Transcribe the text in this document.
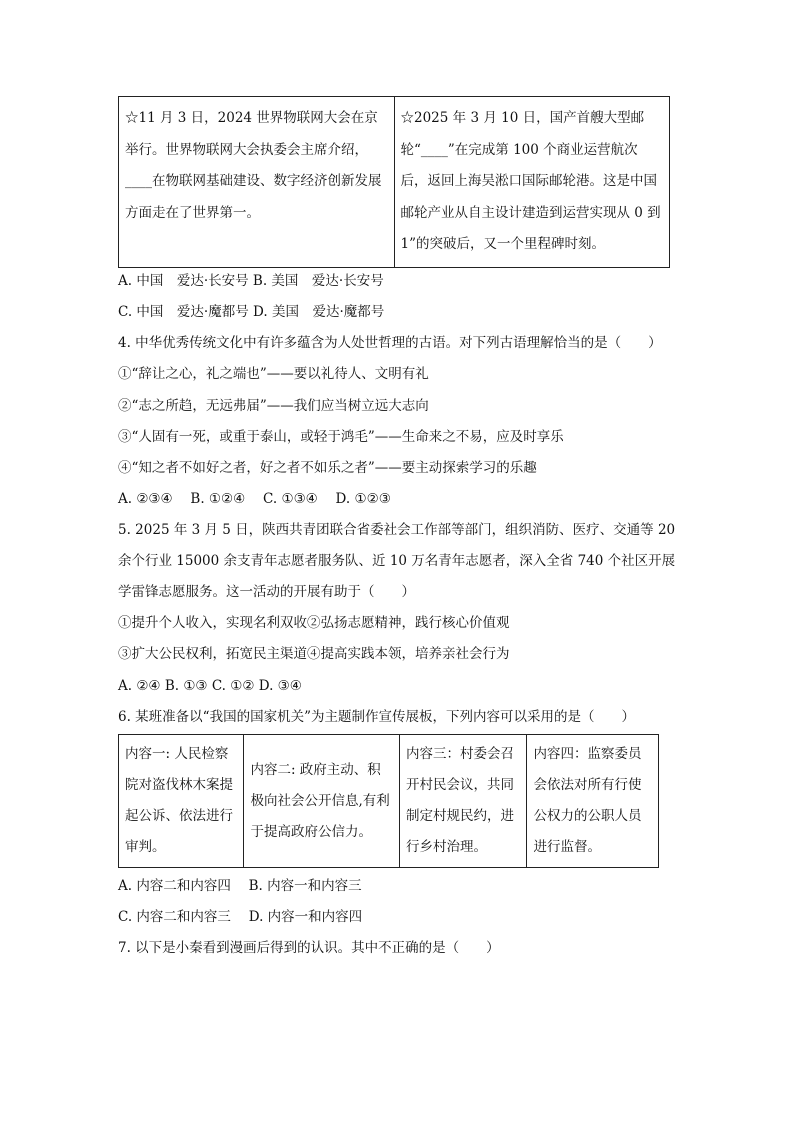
☆11 月 3 日，2024 世界物联网大会在京举行。世界物联网大会执委会主席介绍，____在物联网基础建设、数字经济创新发展方面走在了世界第一。	☆2025 年 3 月 10 日，国产首艘大型邮轮“____”在完成第 100 个商业运营航次后，返回上海吴淞口国际邮轮港。这是中国邮轮产业从自主设计建造到运营实现从 0 到 1”的突破后，又一个里程碑时刻。
A. 中国　爱达·长安号 B. 美国　爱达·长安号
C. 中国　爱达·魔都号 D. 美国　爱达·魔都号
4. 中华优秀传统文化中有许多蕴含为人处世哲理的古语。对下列古语理解恰当的是（　　）
①“辞让之心，礼之端也”——要以礼待人、文明有礼
②“志之所趋，无远弗届”——我们应当树立远大志向
③“人固有一死，或重于泰山，或轻于鸿毛”——生命来之不易，应及时享乐
④“知之者不如好之者，好之者不如乐之者”——要主动探索学习的乐趣
A. ②③④　 B. ①②④　 C. ①③④　 D. ①②③
5. 2025 年 3 月 5 日，陕西共青团联合省委社会工作部等部门，组织消防、医疗、交通等 20
余个行业 15000 余支青年志愿者服务队、近 10 万名青年志愿者，深入全省 740 个社区开展
学雷锋志愿服务。这一活动的开展有助于（　　）
①提升个人收入，实现名利双收②弘扬志愿精神，践行核心价值观
③扩大公民权利，拓宽民主渠道④提高实践本领，培养亲社会行为
A. ②④ B. ①③ C. ①② D. ③④
6. 某班准备以“我国的国家机关”为主题制作宣传展板，下列内容可以采用的是（　　）
内容一: 人民检察院对盗伐林木案提起公诉、依法进行审判。	内容二: 政府主动、积极向社会公开信息,有利于提高政府公信力。	内容三：村委会召开村民会议，共同制定村规民约，进行乡村治理。	内容四：监察委员会依法对所有行使公权力的公职人员进行监督。
A. 内容二和内容四　 B. 内容一和内容三
C. 内容二和内容三　 D. 内容一和内容四
7. 以下是小秦看到漫画后得到的认识。其中不正确的是（　　）
